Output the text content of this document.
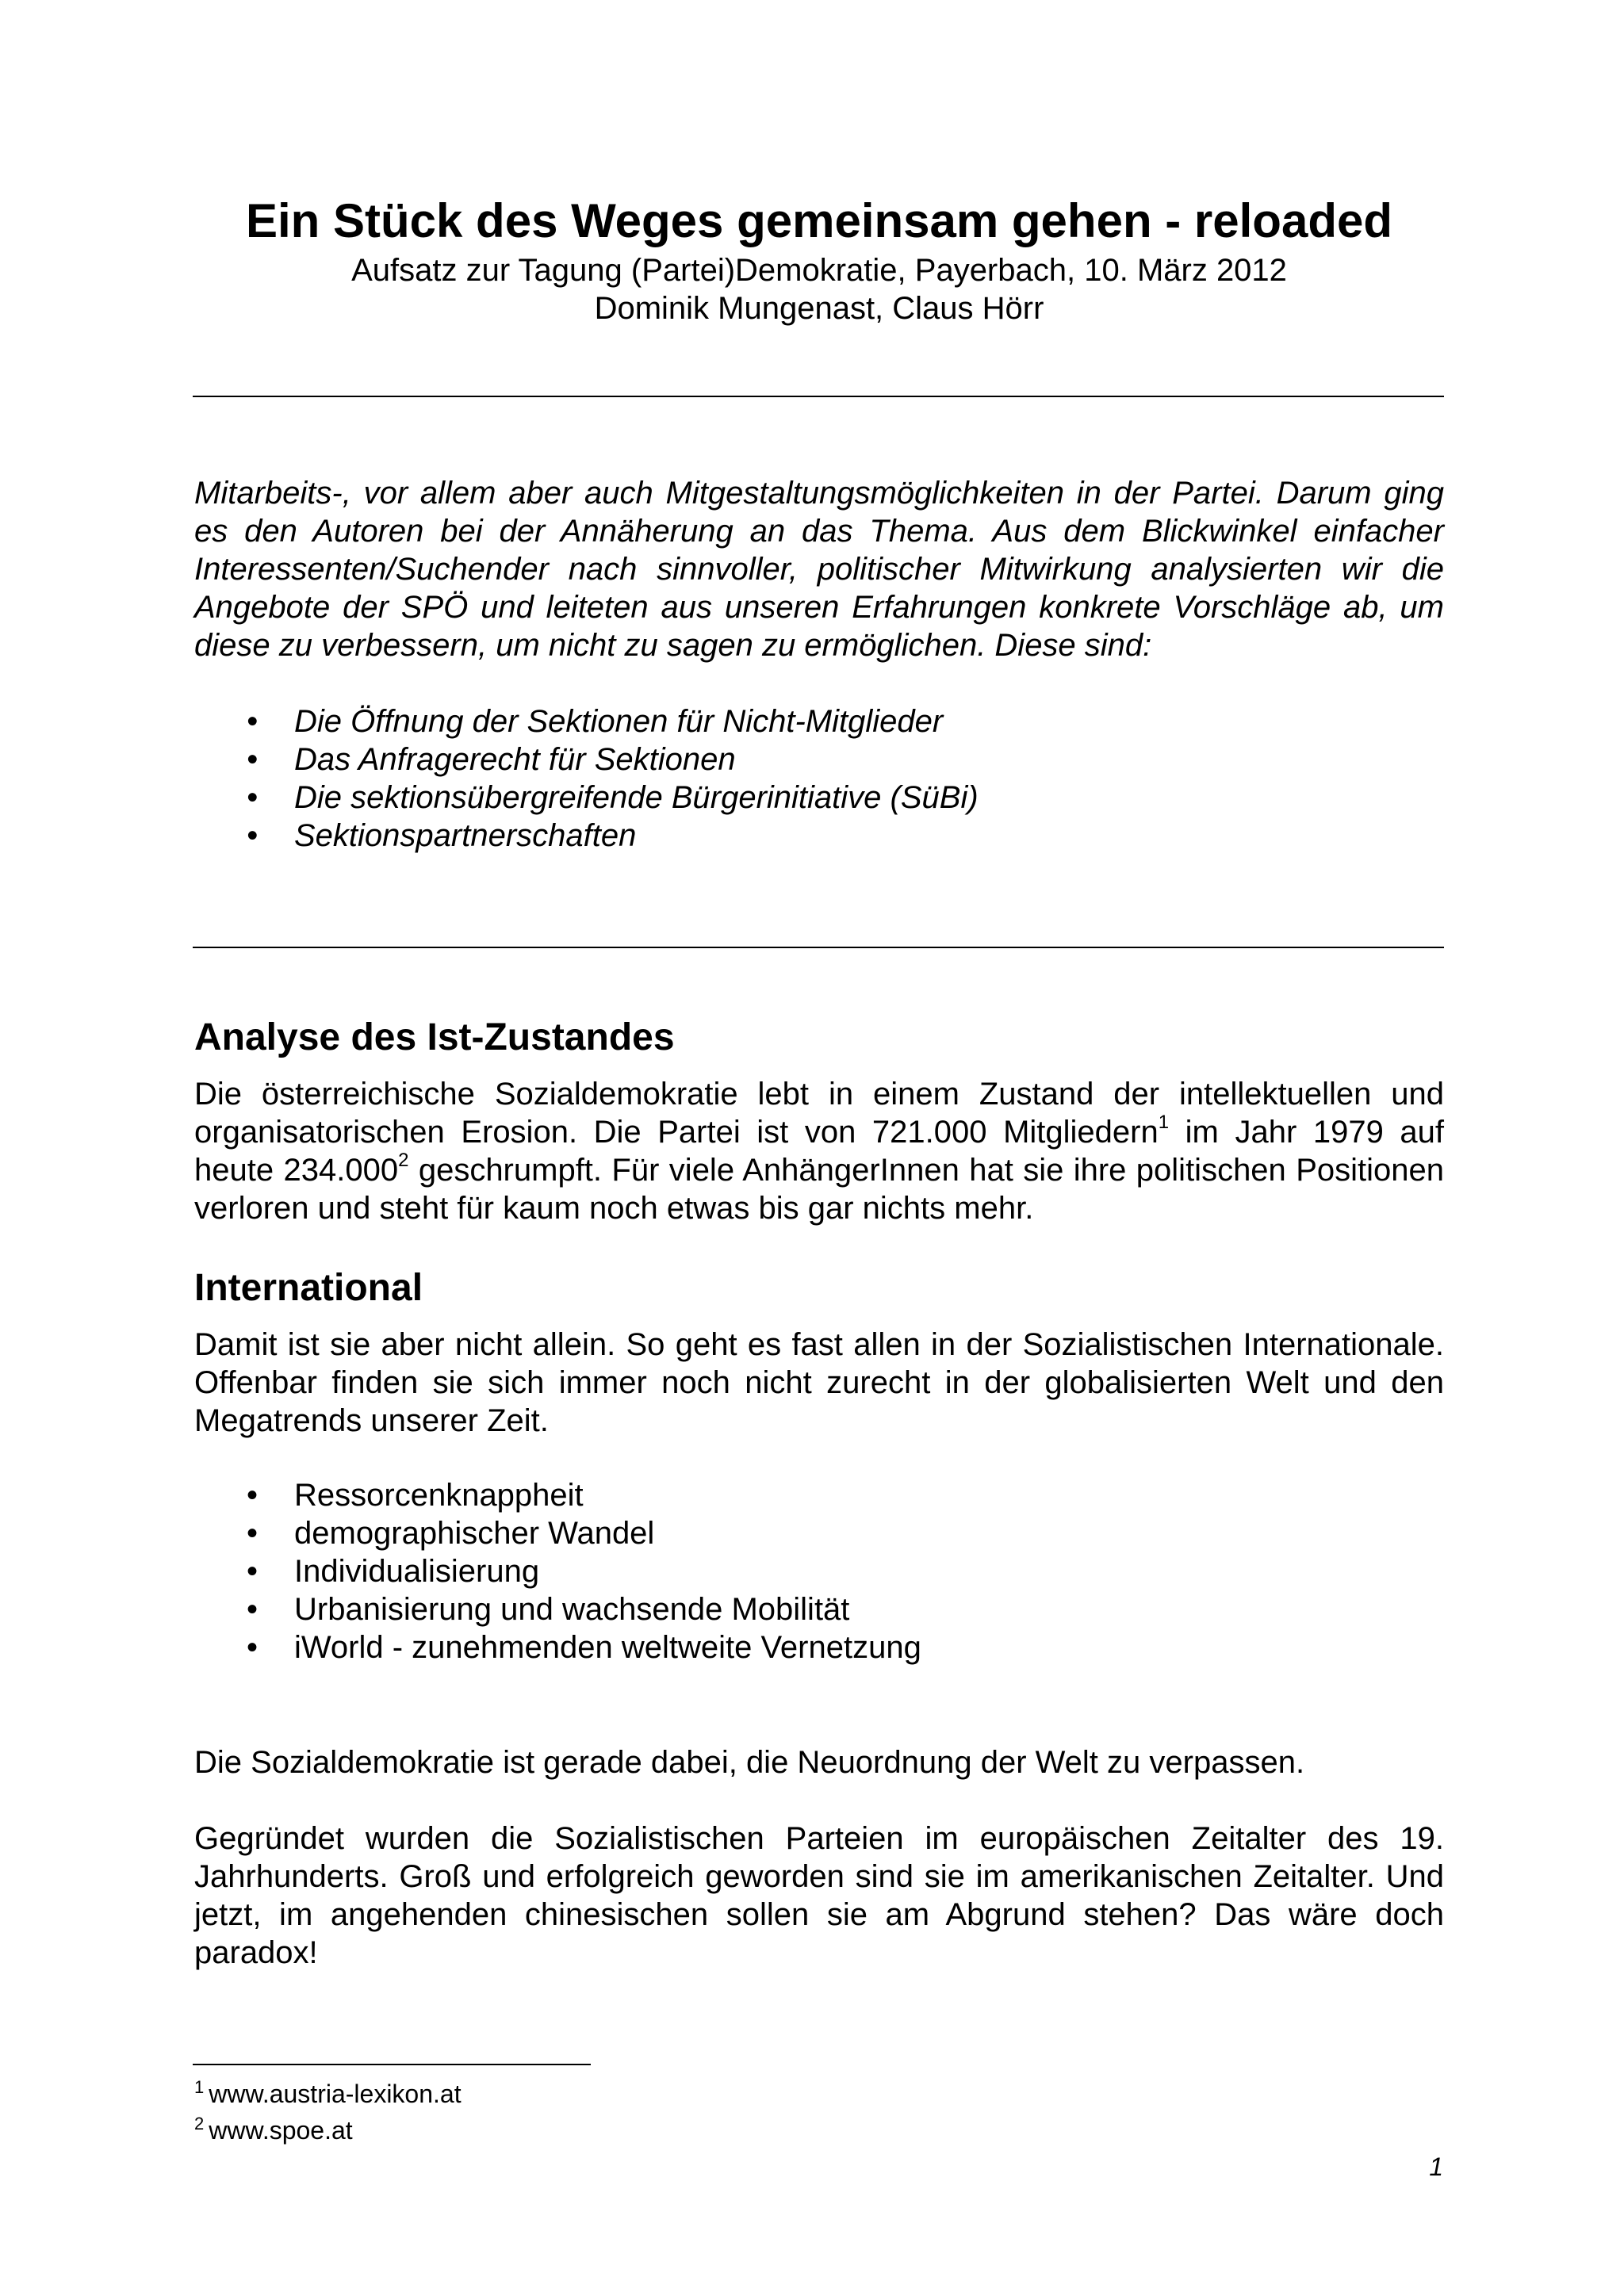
Ein Stück des Weges gemeinsam gehen - reloaded

Aufsatz zur Tagung (Partei)Demokratie, Payerbach, 10. März 2012

Dominik Mungenast, Claus Hörr

Mitarbeits-, vor allem aber auch Mitgestaltungsmöglichkeiten in der Partei. Darum ging es den Autoren bei der Annäherung an das Thema. Aus dem Blickwinkel einfacher Interessenten/Suchender nach sinnvoller, politischer Mitwirkung analysierten wir die Angebote der SPÖ und leiteten aus unseren Erfahrungen konkrete Vorschläge ab, um diese zu verbessern, um nicht zu sagen zu ermöglichen. Diese sind:

• Die Öffnung der Sektionen für Nicht-Mitglieder
• Das Anfragerecht für Sektionen
• Die sektionsübergreifende Bürgerinitiative (SüBi)
• Sektionspartnerschaften
Analyse des Ist-Zustandes

Die österreichische Sozialdemokratie lebt in einem Zustand der intellektuellen und organisatorischen Erosion. Die Partei ist von 721.000 Mitgliedern$^1$ im Jahr 1979 auf heute 234.000$^2$ geschrumpft. Für viele AnhängerInnen hat sie ihre politischen Positionen verloren und steht für kaum noch etwas bis gar nichts mehr.

International

Damit ist sie aber nicht allein. So geht es fast allen in der Sozialistischen Internationale. Offenbar finden sie sich immer noch nicht zurecht in der globalisierten Welt und den Megatrends unserer Zeit.

• Ressorcenknappheit
• demographischer Wandel
• Individualisierung
• Urbanisierung und wachsende Mobilität
• iWorld - zunehmenden weltweite Vernetzung

Die Sozialdemokratie ist gerade dabei, die Neuordnung der Welt zu verpassen.

Gegründet wurden die Sozialistischen Parteien im europäischen Zeitalter des 19. Jahrhunderts. Groß und erfolgreich geworden sind sie im amerikanischen Zeitalter. Und jetzt, im angehenden chinesischen sollen sie am Abgrund stehen? Das wäre doch paradox!

$^1$ www.austria-lexikon.at
$^2$ www.spoe.at
1
